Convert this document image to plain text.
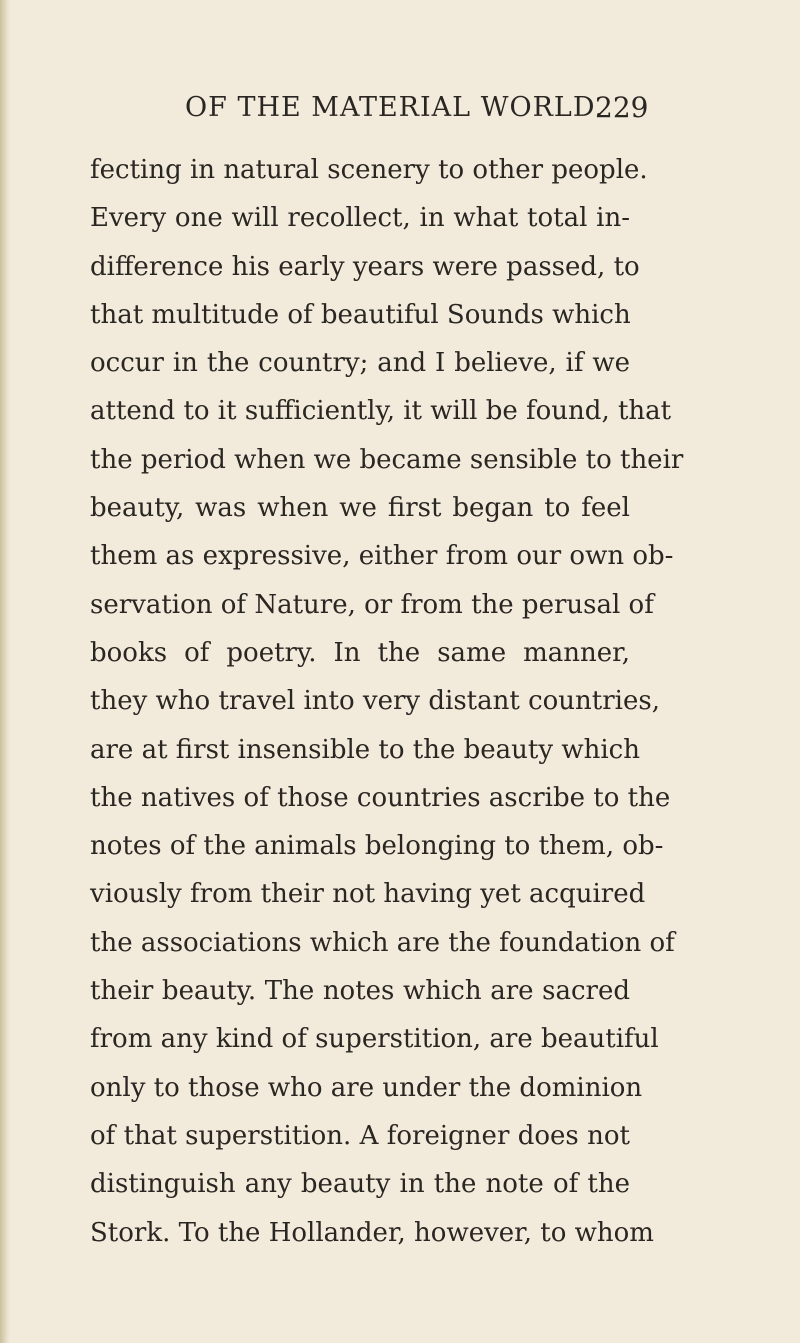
OF THE MATERIAL WORLD.
229
fecting in natural scenery to other people.
Every one will recollect, in what total in-
difference his early years were passed, to
that multitude of beautiful Sounds which
occur in the country; and I believe, if we
attend to it sufficiently, it will be found, that
the period when we became sensible to their
beauty, was when we first began to feel
them as expressive, either from our own ob-
servation of Nature, or from the perusal of
books of poetry. In the same manner,
they who travel into very distant countries,
are at first insensible to the beauty which
the natives of those countries ascribe to the
notes of the animals belonging to them, ob-
viously from their not having yet acquired
the associations which are the foundation of
their beauty. The notes which are sacred
from any kind of superstition, are beautiful
only to those who are under the dominion
of that superstition. A foreigner does not
distinguish any beauty in the note of the
Stork. To the Hollander, however, to whom
